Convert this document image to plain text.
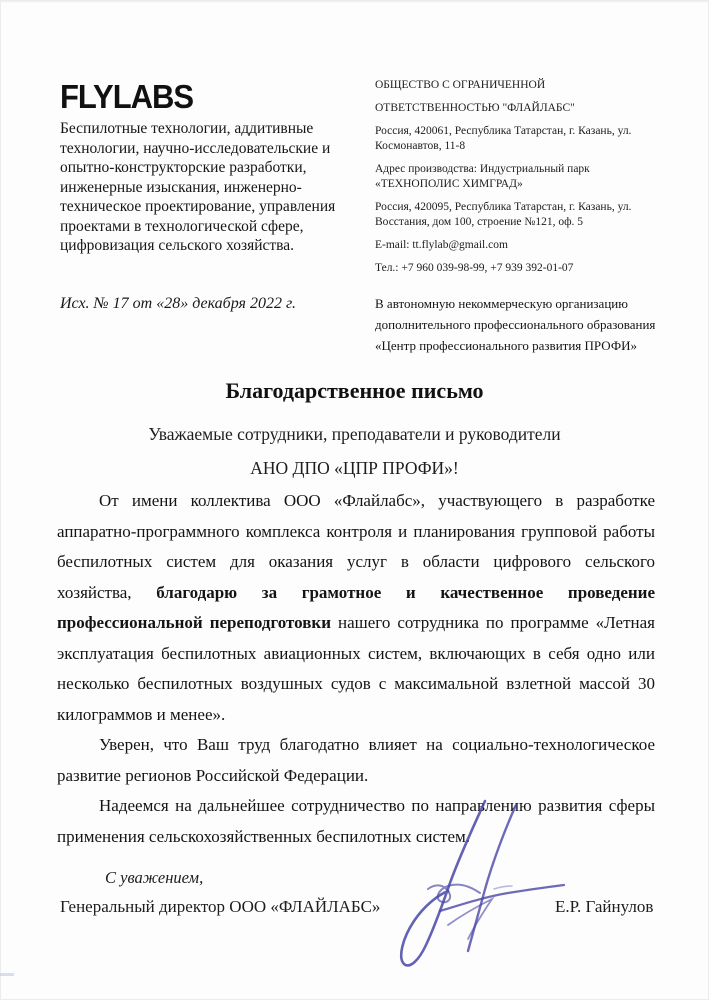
FLYLABS
Беспилотные технологии, аддитивные технологии, научно-исследовательские и опытно-конструкторские разработки, инженерные изыскания, инженерно-техническое проектирование, управления проектами в технологической сфере, цифровизация сельского хозяйства.
Исх. № 17 от «28» декабря 2022 г.

ОБЩЕСТВО С ОГРАНИЧЕННОЙ

ОТВЕТСТВЕННОСТЬЮ "ФЛАЙЛАБС"

Россия, 420061, Республика Татарстан, г. Казань, ул. Космонавтов, 11-8

Адрес производства: Индустриальный парк «ТЕХНОПОЛИС ХИМГРАД»

Россия, 420095, Республика Татарстан, г. Казань, ул. Восстания, дом 100, строение №121, оф. 5

E-mail: tt.flylab@gmail.com

Тел.: +7 960 039-98-99, +7 939 392-01-07

В автономную некоммерческую организацию дополнительного профессионального образования «Центр профессионального развития ПРОФИ»
Благодарственное письмо
Уважаемые сотрудники, преподаватели и руководители
АНО ДПО «ЦПР ПРОФИ»!

От имени коллектива ООО «Флайлабс», участвующего в разработке аппаратно-программного комплекса контроля и планирования групповой работы беспилотных систем для оказания услуг в области цифрового сельского хозяйства, благодарю за грамотное и качественное проведение профессиональной переподготовки нашего сотрудника по программе «Летная эксплуатация беспилотных авиационных систем, включающих в себя одно или несколько беспилотных воздушных судов с максимальной взлетной массой 30 килограммов и менее».

Уверен, что Ваш труд благодатно влияет на социально-технологическое развитие регионов Российской Федерации.

Надеемся на дальнейшее сотрудничество по направлению развития сферы применения сельскохозяйственных беспилотных систем.

С уважением,
Генеральный директор ООО «ФЛАЙЛАБС»	Е.Р. Гайнулов
